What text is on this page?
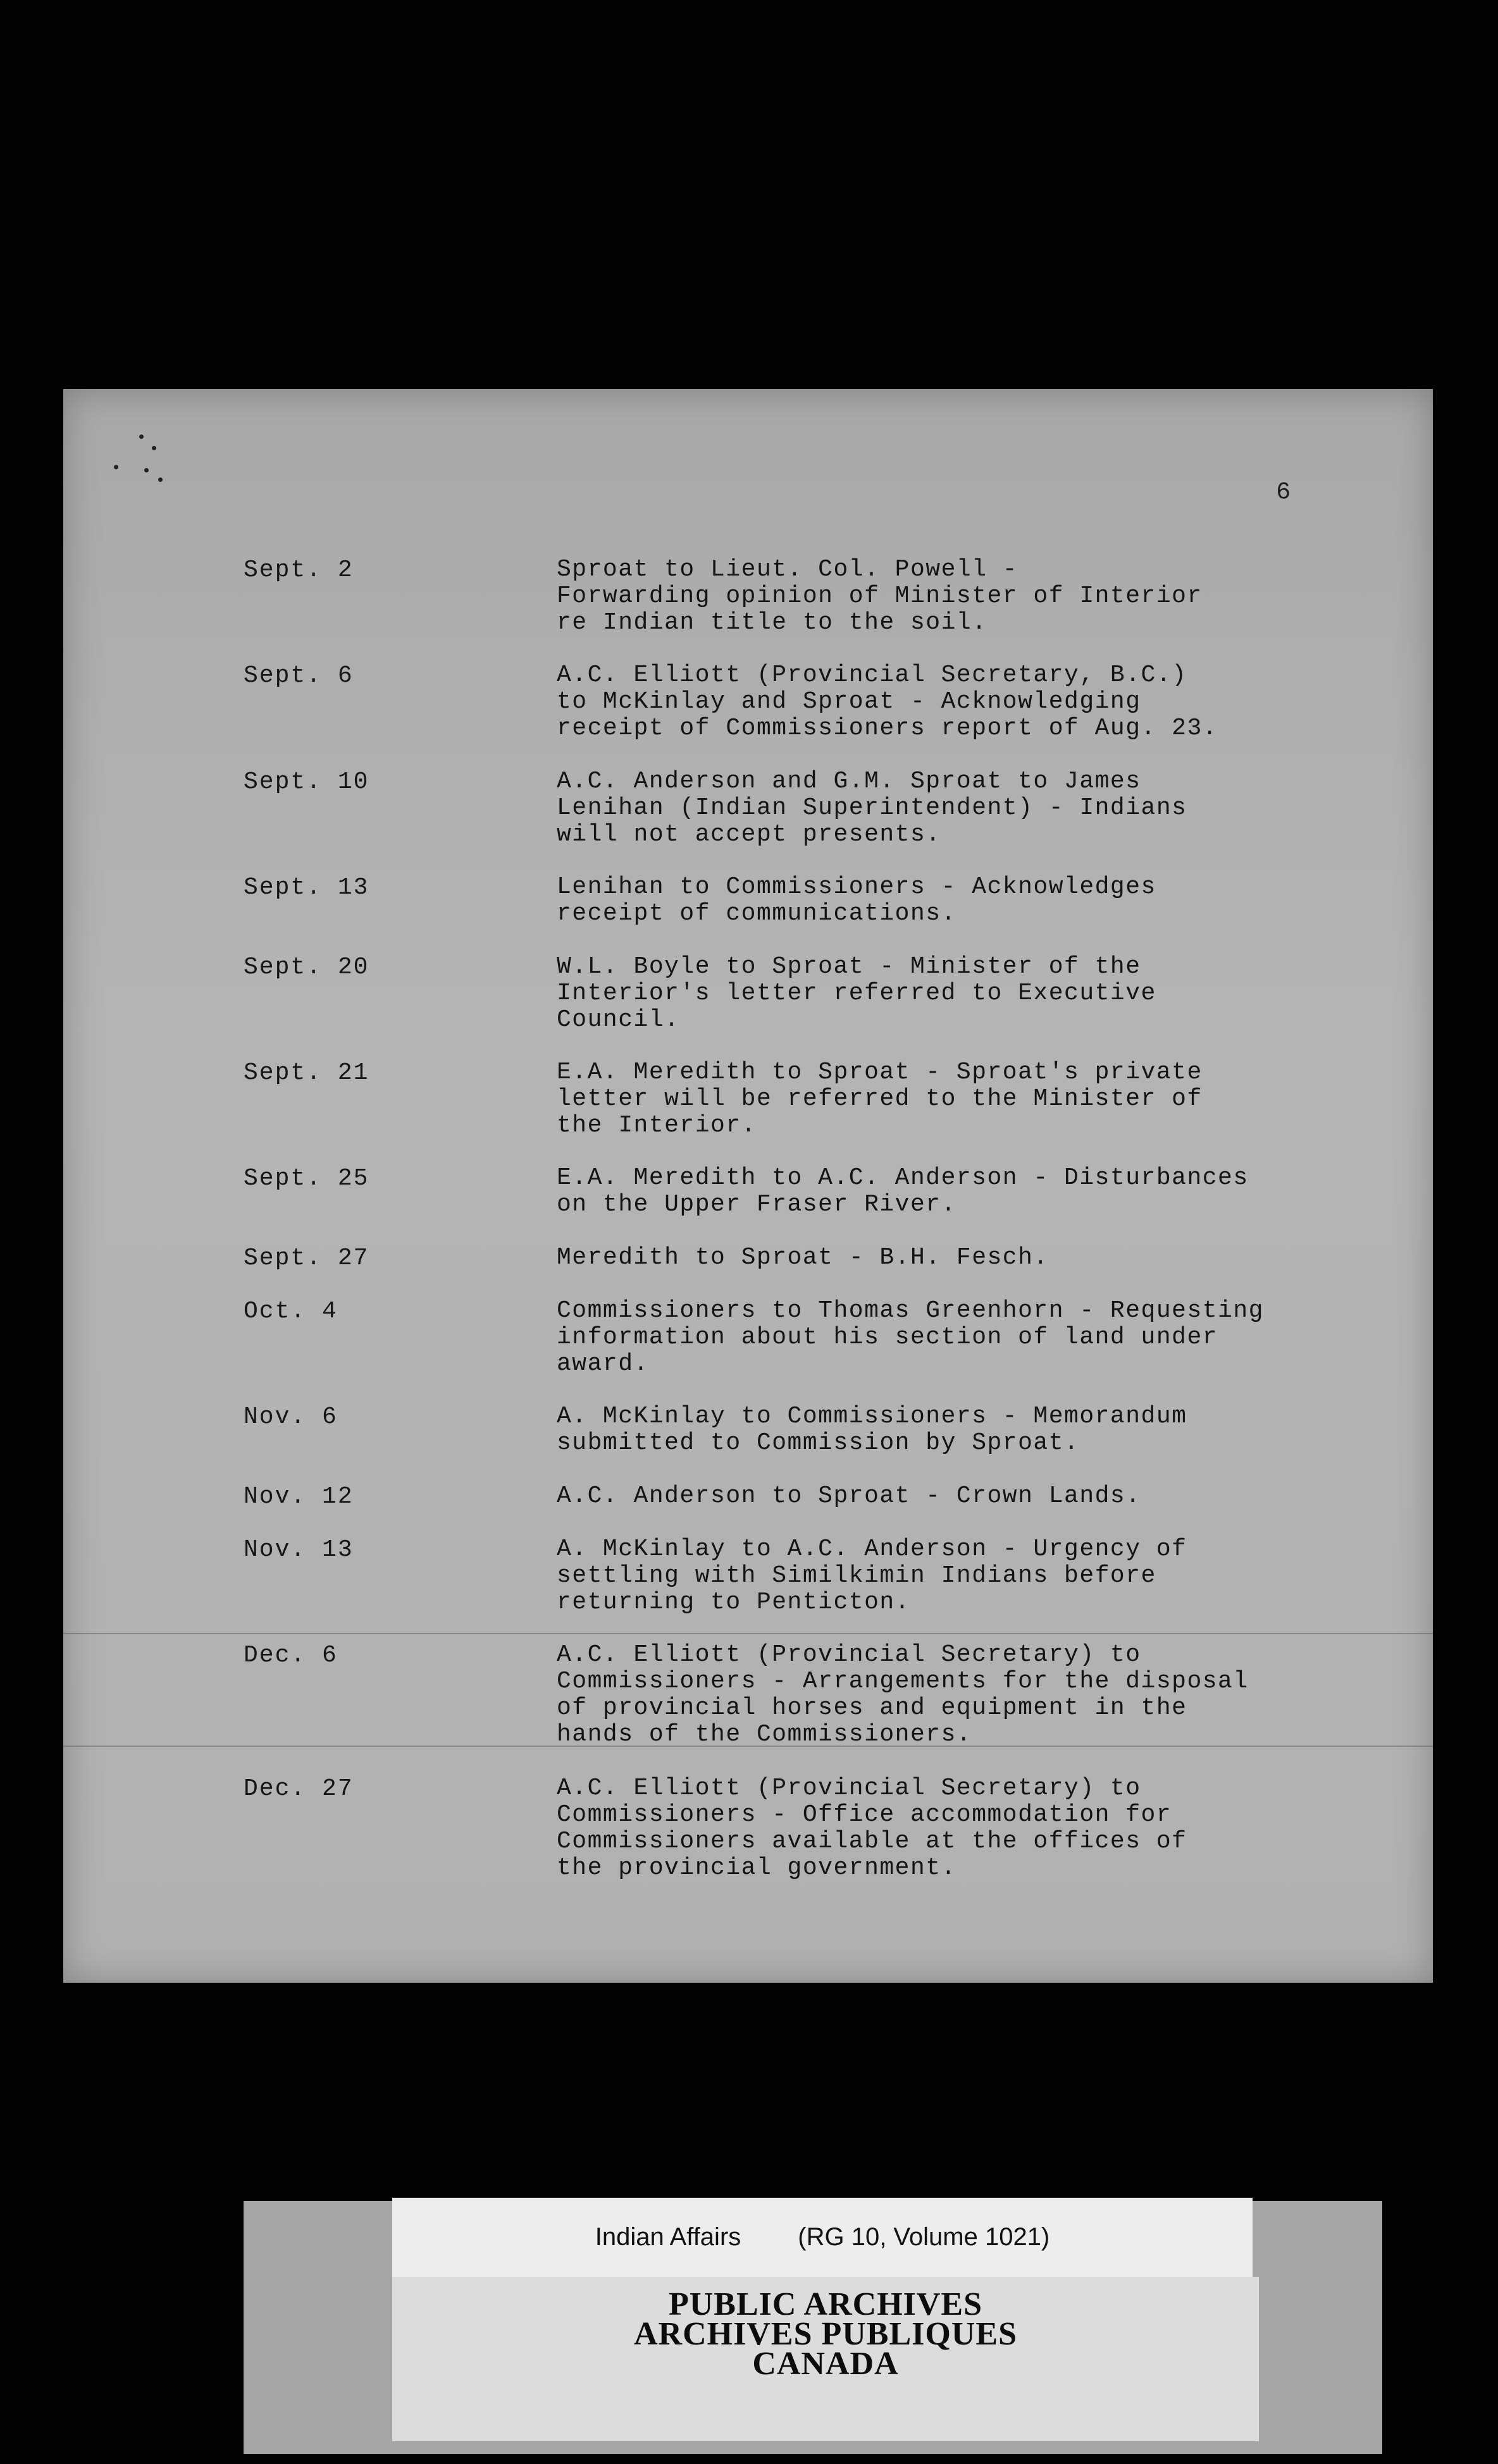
6
Sept. 2	Sproat to Lieut. Col. Powell -
Forwarding opinion of Minister of Interior
re Indian title to the soil.
Sept. 6	A.C. Elliott (Provincial Secretary, B.C.)
to McKinlay and Sproat - Acknowledging
receipt of Commissioners report of Aug. 23.
Sept. 10	A.C. Anderson and G.M. Sproat to James
Lenihan (Indian Superintendent) - Indians
will not accept presents.
Sept. 13	Lenihan to Commissioners - Acknowledges
receipt of communications.
Sept. 20	W.L. Boyle to Sproat - Minister of the
Interior's letter referred to Executive
Council.
Sept. 21	E.A. Meredith to Sproat - Sproat's private
letter will be referred to the Minister of
the Interior.
Sept. 25	E.A. Meredith to A.C. Anderson - Disturbances
on the Upper Fraser River.
Sept. 27	Meredith to Sproat - B.H. Fesch.
Oct. 4	Commissioners to Thomas Greenhorn - Requesting
information about his section of land under
award.
Nov. 6	A. McKinlay to Commissioners - Memorandum
submitted to Commission by Sproat.
Nov. 12	A.C. Anderson to Sproat - Crown Lands.
Nov. 13	A. McKinlay to A.C. Anderson - Urgency of
settling with Similkimin Indians before
returning to Penticton.
Dec. 6	A.C. Elliott (Provincial Secretary) to
Commissioners - Arrangements for the disposal
of provincial horses and equipment in the
hands of the Commissioners.
Dec. 27	A.C. Elliott (Provincial Secretary) to
Commissioners - Office accommodation for
Commissioners available at the offices of
the provincial government.
Indian Affairs (RG 10, Volume 1021)
PUBLIC ARCHIVES
ARCHIVES PUBLIQUES
CANADA
